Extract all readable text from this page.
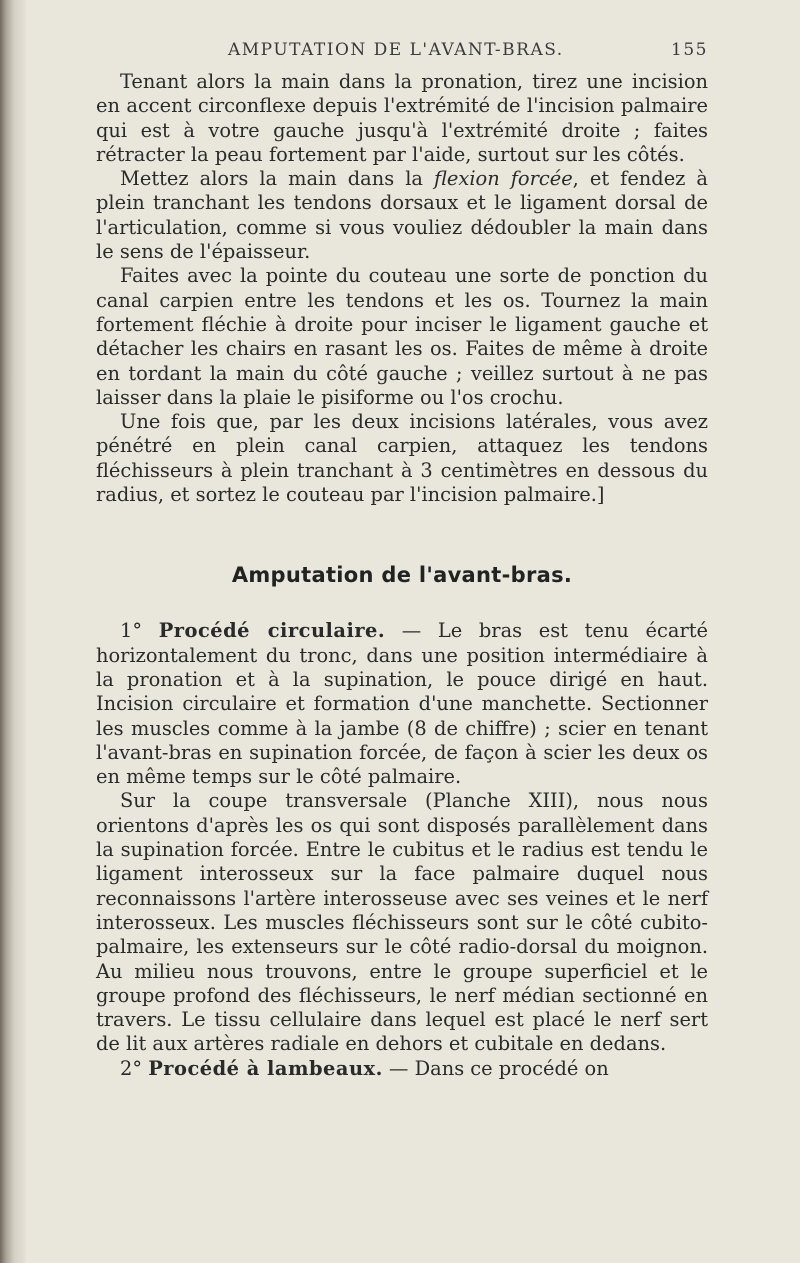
AMPUTATION DE L'AVANT-BRAS.	155

Tenant alors la main dans la pronation, tirez une incision en accent circonflexe depuis l'extrémité de l'incision palmaire qui est à votre gauche jusqu'à l'extrémité droite ; faites rétracter la peau fortement par l'aide, surtout sur les côtés.

Mettez alors la main dans la flexion forcée, et fendez à plein tranchant les tendons dorsaux et le ligament dorsal de l'articulation, comme si vous vouliez dédoubler la main dans le sens de l'épaisseur.

Faites avec la pointe du couteau une sorte de ponction du canal carpien entre les tendons et les os. Tournez la main fortement fléchie à droite pour inciser le ligament gauche et détacher les chairs en rasant les os. Faites de même à droite en tordant la main du côté gauche ; veillez surtout à ne pas laisser dans la plaie le pisiforme ou l'os crochu.

Une fois que, par les deux incisions latérales, vous avez pénétré en plein canal carpien, attaquez les tendons fléchisseurs à plein tranchant à 3 centimètres en dessous du radius, et sortez le couteau par l'incision palmaire.]

Amputation de l'avant-bras.

1° Procédé circulaire. — Le bras est tenu écarté horizontalement du tronc, dans une position intermédiaire à la pronation et à la supination, le pouce dirigé en haut. Incision circulaire et formation d'une manchette. Sectionner les muscles comme à la jambe (8 de chiffre) ; scier en tenant l'avant-bras en supination forcée, de façon à scier les deux os en même temps sur le côté palmaire.

Sur la coupe transversale (Planche XIII), nous nous orientons d'après les os qui sont disposés parallèlement dans la supination forcée. Entre le cubitus et le radius est tendu le ligament interosseux sur la face palmaire duquel nous reconnaissons l'artère interosseuse avec ses veines et le nerf interosseux. Les muscles fléchisseurs sont sur le côté cubito-palmaire, les extenseurs sur le côté radio-dorsal du moignon. Au milieu nous trouvons, entre le groupe superficiel et le groupe profond des fléchisseurs, le nerf médian sectionné en travers. Le tissu cellulaire dans lequel est placé le nerf sert de lit aux artères radiale en dehors et cubitale en dedans.

2° Procédé à lambeaux. — Dans ce procédé on
